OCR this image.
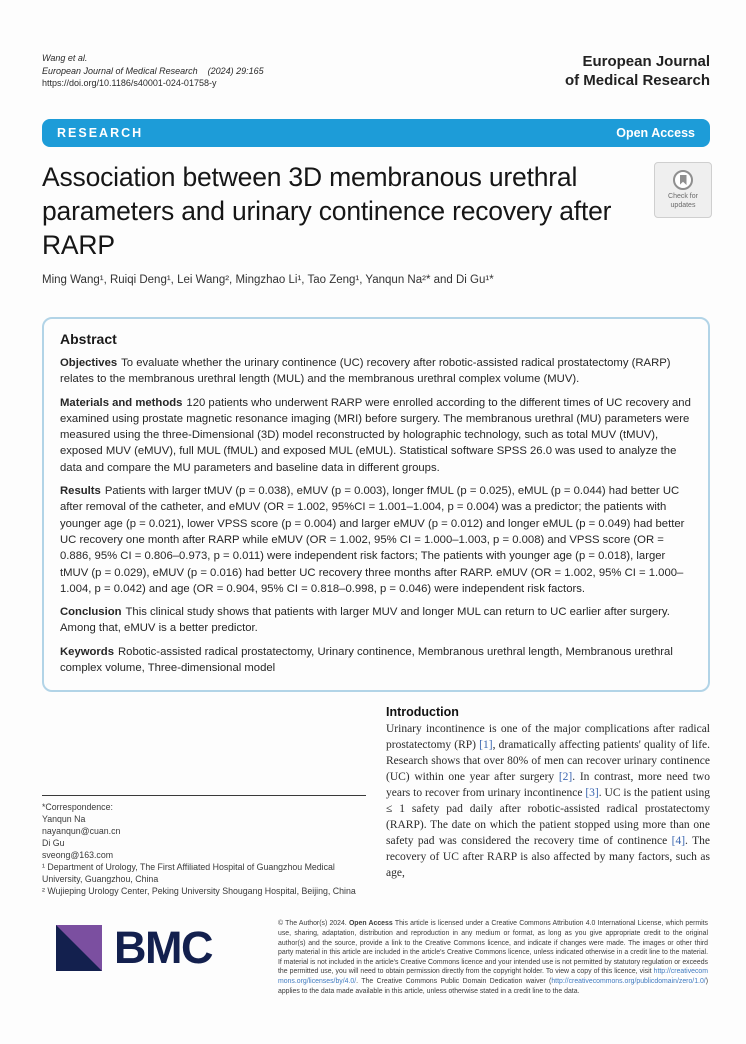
Wang et al.
European Journal of Medical Research (2024) 29:165
https://doi.org/10.1186/s40001-024-01758-y
European Journal
of Medical Research
RESEARCH	Open Access
Association between 3D membranous urethral parameters and urinary continence recovery after RARP
Check for
updates
Ming Wang¹, Ruiqi Deng¹, Lei Wang², Mingzhao Li¹, Tao Zeng¹, Yanqun Na²* and Di Gu¹*
Abstract

Objectives To evaluate whether the urinary continence (UC) recovery after robotic-assisted radical prostatectomy (RARP) relates to the membranous urethral length (MUL) and the membranous urethral complex volume (MUV).

Materials and methods 120 patients who underwent RARP were enrolled according to the different times of UC recovery and examined using prostate magnetic resonance imaging (MRI) before surgery. The membranous urethral (MU) parameters were measured using the three-Dimensional (3D) model reconstructed by holographic technology, such as total MUV (tMUV), exposed MUV (eMUV), full MUL (fMUL) and exposed MUL (eMUL). Statistical software SPSS 26.0 was used to analyze the data and compare the MU parameters and baseline data in different groups.

Results Patients with larger tMUV (p = 0.038), eMUV (p = 0.003), longer fMUL (p = 0.025), eMUL (p = 0.044) had better UC after removal of the catheter, and eMUV (OR = 1.002, 95%CI = 1.001–1.004, p = 0.004) was a predictor; the patients with younger age (p = 0.021), lower VPSS score (p = 0.004) and larger eMUV (p = 0.012) and longer eMUL (p = 0.049) had better UC recovery one month after RARP while eMUV (OR = 1.002, 95% CI = 1.000–1.003, p = 0.008) and VPSS score (OR = 0.886, 95% CI = 0.806–0.973, p = 0.011) were independent risk factors; The patients with younger age (p = 0.018), larger tMUV (p = 0.029), eMUV (p = 0.016) had better UC recovery three months after RARP. eMUV (OR = 1.002, 95% CI = 1.000–1.004, p = 0.042) and age (OR = 0.904, 95% CI = 0.818–0.998, p = 0.046) were independent risk factors.

Conclusion This clinical study shows that patients with larger MUV and longer MUL can return to UC earlier after surgery. Among that, eMUV is a better predictor.

Keywords Robotic-assisted radical prostatectomy, Urinary continence, Membranous urethral length, Membranous urethral complex volume, Three-dimensional model

*Correspondence:
Yanqun Na
nayanqun@cuan.cn
Di Gu
sveong@163.com
¹ Department of Urology, The First Affiliated Hospital of Guangzhou Medical University, Guangzhou, China
² Wujieping Urology Center, Peking University Shougang Hospital, Beijing, China
Introduction
Urinary incontinence is one of the major complications after radical prostatectomy (RP) [1], dramatically affecting patients' quality of life. Research shows that over 80% of men can recover urinary continence (UC) within one year after surgery [2]. In contrast, more need two years to recover from urinary incontinence [3]. UC is the patient using ≤ 1 safety pad daily after robotic-assisted radical prostatectomy (RARP). The date on which the patient stopped using more than one safety pad was considered the recovery time of continence [4]. The recovery of UC after RARP is also affected by many factors, such as age,
BMC	© The Author(s) 2024. Open Access This article is licensed under a Creative Commons Attribution 4.0 International License, which permits use, sharing, adaptation, distribution and reproduction in any medium or format, as long as you give appropriate credit to the original author(s) and the source, provide a link to the Creative Commons licence, and indicate if changes were made. The images or other third party material in this article are included in the article's Creative Commons licence, unless indicated otherwise in a credit line to the material. If material is not included in the article's Creative Commons licence and your intended use is not permitted by statutory regulation or exceeds the permitted use, you will need to obtain permission directly from the copyright holder. To view a copy of this licence, visit http://creativecommons.org/licenses/by/4.0/. The Creative Commons Public Domain Dedication waiver (http://creativecommons.org/publicdomain/zero/1.0/) applies to the data made available in this article, unless otherwise stated in a credit line to the data.
